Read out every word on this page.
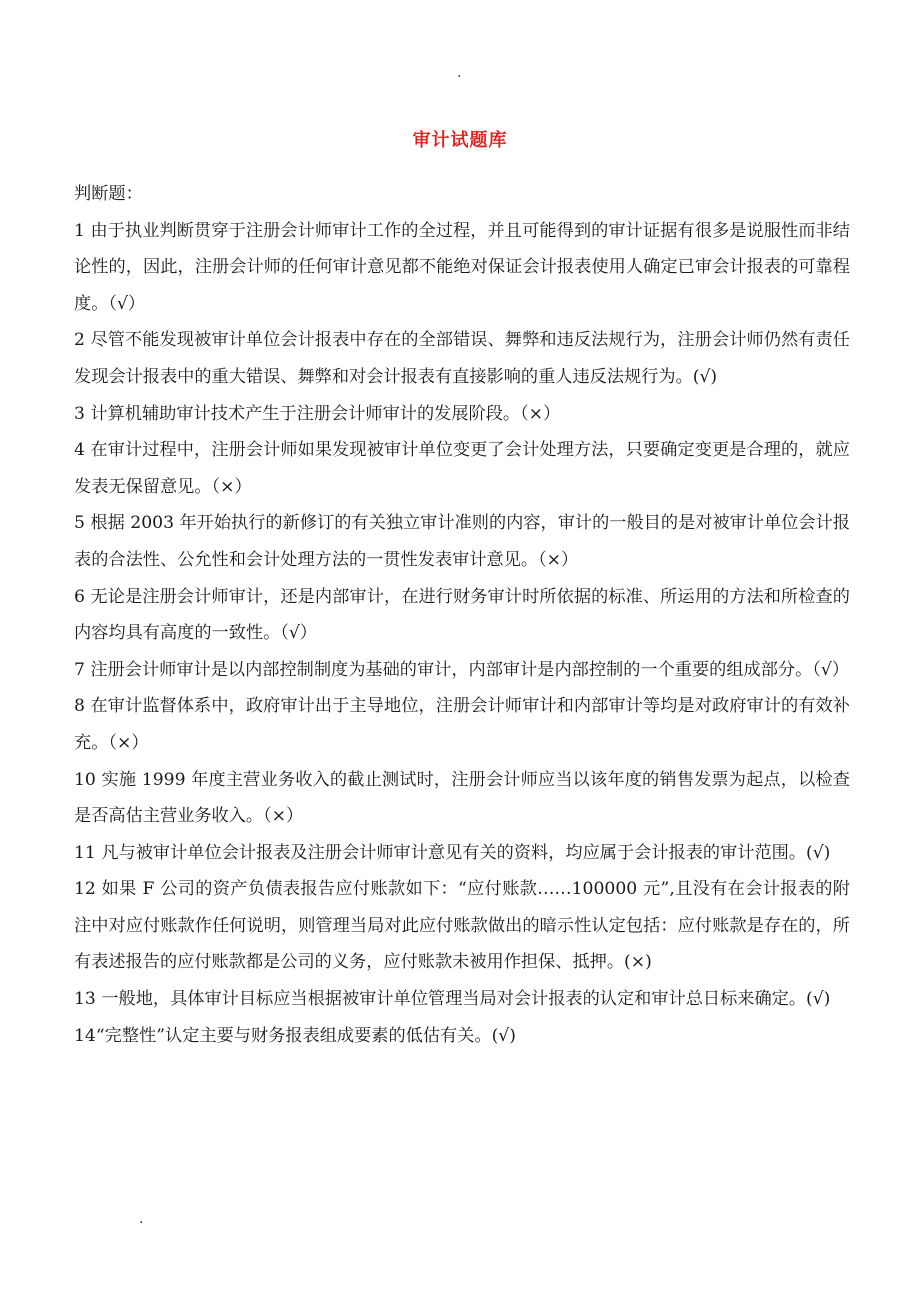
.
审计试题库

判断题：

1 由于执业判断贯穿于注册会计师审计工作的全过程，并且可能得到的审计证据有很多是说服性而非结论性的，因此，注册会计师的任何审计意见都不能绝对保证会计报表使用人确定已审会计报表的可靠程度。（√）

2 尽管不能发现被审计单位会计报表中存在的全部错误、舞弊和违反法规行为，注册会计师仍然有责任发现会计报表中的重大错误、舞弊和对会计报表有直接影响的重人违反法规行为。(√)

3 计算机辅助审计技术产生于注册会计师审计的发展阶段。（×）

4 在审计过程中，注册会计师如果发现被审计单位变更了会计处理方法，只要确定变更是合理的，就应发表无保留意见。（×）

5 根据 2003 年开始执行的新修订的有关独立审计准则的内容，审计的一般目的是对被审计单位会计报表的合法性、公允性和会计处理方法的一贯性发表审计意见。（×）

6 无论是注册会计师审计，还是内部审计，在进行财务审计时所依据的标准、所运用的方法和所检查的内容均具有高度的一致性。（√）

7 注册会计师审计是以内部控制制度为基础的审计，内部审计是内部控制的一个重要的组成部分。（√）

8 在审计监督体系中，政府审计出于主导地位，注册会计师审计和内部审计等均是对政府审计的有效补充。（×）

10 实施 1999 年度主营业务收入的截止测试时，注册会计师应当以该年度的销售发票为起点，以检查是否高估主营业务收入。（×）

11 凡与被审计单位会计报表及注册会计师审计意见有关的资料，均应属于会计报表的审计范围。(√)

12 如果 F 公司的资产负债表报告应付账款如下：“应付账款……100000 元”,且没有在会计报表的附注中对应付账款作任何说明，则管理当局对此应付账款做出的暗示性认定包括：应付账款是存在的，所有表述报告的应付账款都是公司的义务，应付账款未被用作担保、抵押。(×)

13 一般地，具体审计目标应当根据被审计单位管理当局对会计报表的认定和审计总日标来确定。(√)

14“完整性”认定主要与财务报表组成要素的低估有关。(√)

.
